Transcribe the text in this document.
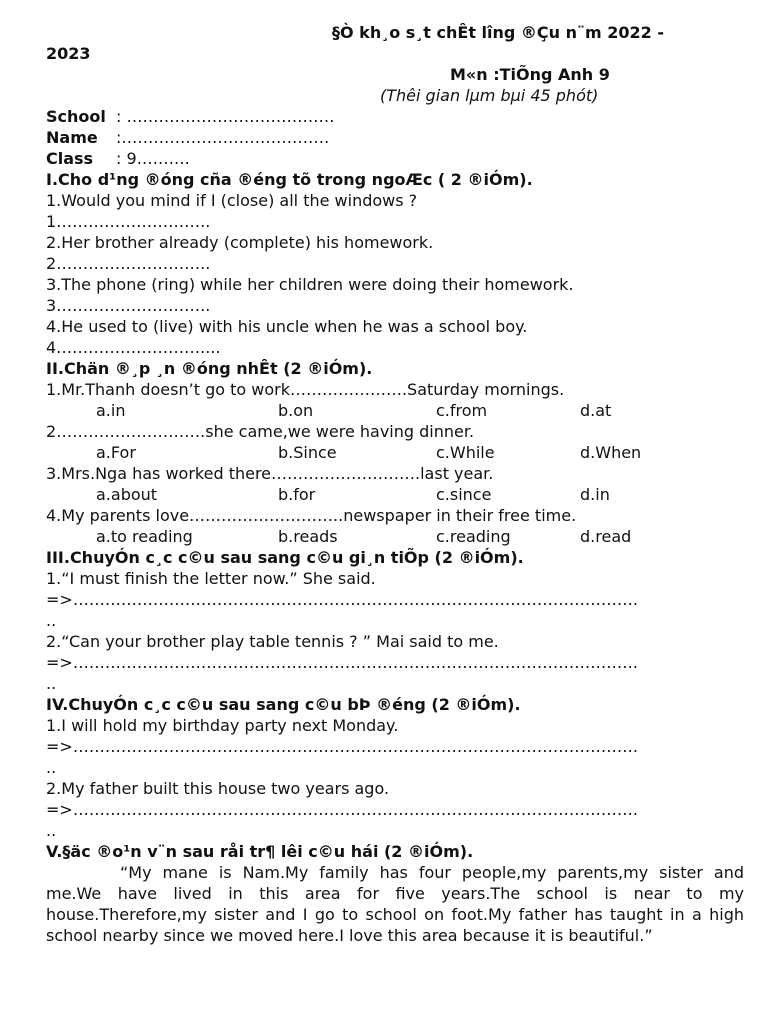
§Ò kh¸o s¸t chÊt lîng ®Çu n¨m 2022 -
2023
M«n :TiÕng Anh 9
(Thêi gian lµm bµi 45 phót)
School : …………………………………
Name :…………………………………
Class : 9……….
I.Cho d¹ng ®óng cña ®éng tõ trong ngoÆc ( 2 ®iÓm).
1.Would you mind if I (close) all the windows ?
1………………………..
2.Her brother already (complete) his homework.
2………………………..
3.The phone (ring) while her children were doing their homework.
3………………………..
4.He used to (live) with his uncle when he was a school boy.
4………………………....
II.Chän ®¸p ¸n ®óng nhÊt (2 ®iÓm).
1.Mr.Thanh doesn’t go to work………………….Saturday mornings.
a.in	b.on	c.from	d.at
2……………………….she came,we were having dinner.
a.For	b.Since	c.While	d.When
3.Mrs.Nga has worked there……………………….last year.
a.about	b.for	c.since	d.in
4.My parents love………………………..newspaper in their free time.
a.to reading	b.reads	c.reading	d.read
III.ChuyÓn c¸c c©u sau sang c©u gi¸n tiÕp (2 ®iÓm).
1.“I must finish the letter now.” She said.
=>…………………………………………………………………………………………….
..
2.“Can your brother play table tennis ? ” Mai said to me.
=>…………………………………………………………………………………………….
..
IV.ChuyÓn c¸c c©u sau sang c©u bÞ ®éng (2 ®iÓm).
1.I will hold my birthday party next Monday.
=>…………………………………………………………………………………………….
..
2.My father built this house two years ago.
=>…………………………………………………………………………………………….
..
V.§äc ®o¹n v¨n sau råi tr¶ lêi c©u hái (2 ®iÓm).
“My mane is Nam.My family has four people,my parents,my sister and me.We have lived in this area for five years.The school is near to my house.Therefore,my sister and I go to school on foot.My father has taught in a high school nearby since we moved here.I love this area because it is beautiful.”
